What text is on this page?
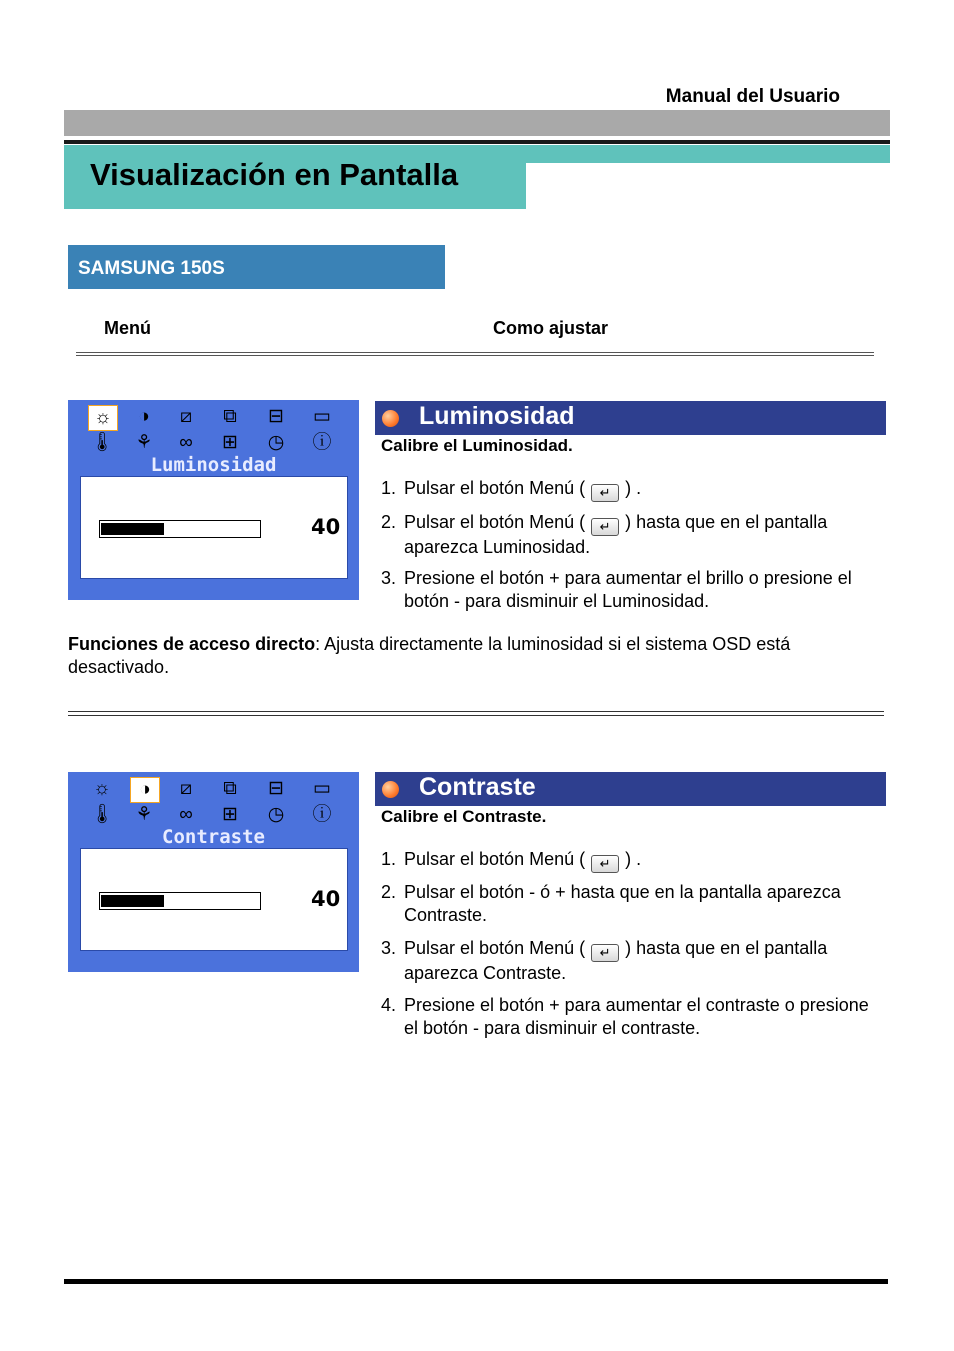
Manual del Usuario
Visualización en Pantalla
SAMSUNG 150S
Menú	Como ajustar
☼	◑	⧄	⧉	⊟	▭
🌡 ⚘	∞	⊞	◷	ⓘ
Luminosidad
40
Luminosidad
Calibre el Luminosidad.
1. Pulsar el botón Menú ( ↵ ) .
2. Pulsar el botón Menú ( ↵ ) hasta que en el pantalla aparezca Luminosidad.
3. Presione el botón + para aumentar el brillo o presione el botón - para disminuir el Luminosidad.
Funciones de acceso directo: Ajusta directamente la luminosidad si el sistema OSD está desactivado.
☼	◑	⧄	⧉	⊟	▭
🌡 ⚘	∞	⊞	◷	ⓘ
Contraste
40
Contraste
Calibre el Contraste.
1. Pulsar el botón Menú ( ↵ ) .
2. Pulsar el botón - ó + hasta que en la pantalla aparezca Contraste.
3. Pulsar el botón Menú ( ↵ ) hasta que en el pantalla aparezca Contraste.
4. Presione el botón + para aumentar el contraste o presione el botón - para disminuir el contraste.
